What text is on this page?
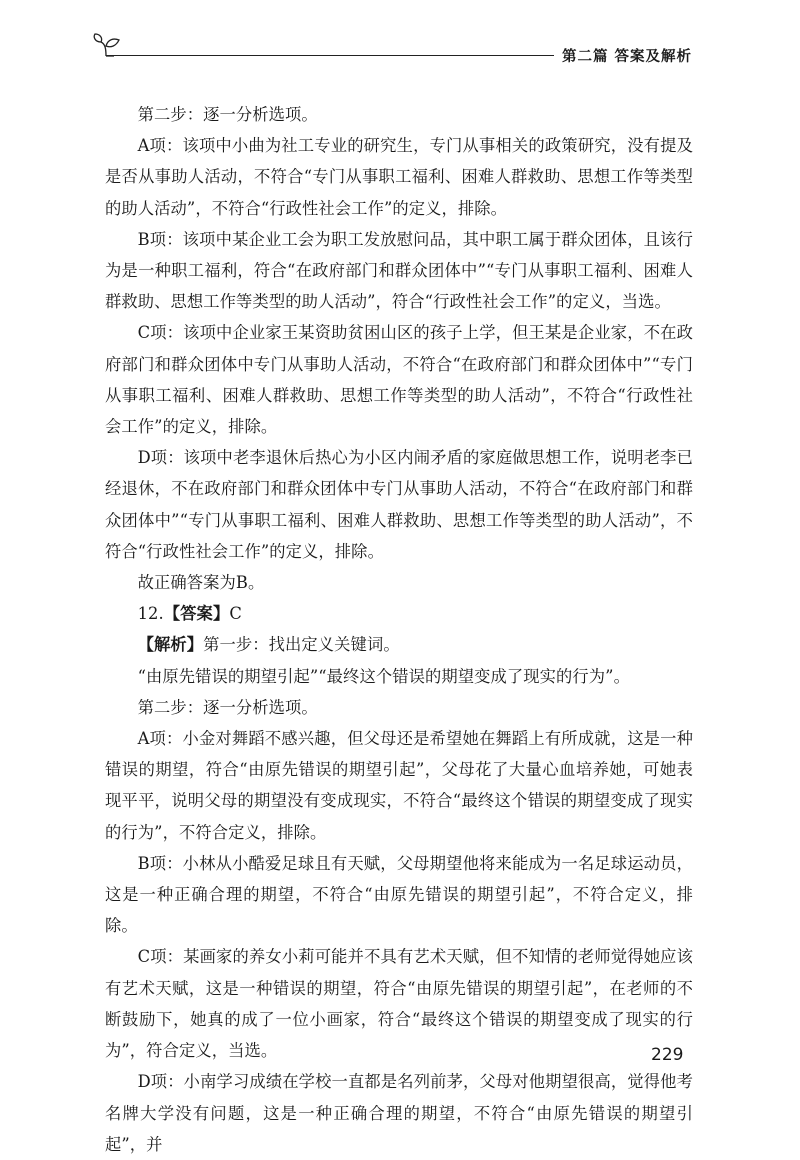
第二篇 答案及解析

第二步：逐一分析选项。

A项：该项中小曲为社工专业的研究生，专门从事相关的政策研究，没有提及是否从事助人活动，不符合“专门从事职工福利、困难人群救助、思想工作等类型的助人活动”，不符合“行政性社会工作”的定义，排除。

B项：该项中某企业工会为职工发放慰问品，其中职工属于群众团体，且该行为是一种职工福利，符合“在政府部门和群众团体中”“专门从事职工福利、困难人群救助、思想工作等类型的助人活动”，符合“行政性社会工作”的定义，当选。

C项：该项中企业家王某资助贫困山区的孩子上学，但王某是企业家，不在政府部门和群众团体中专门从事助人活动，不符合“在政府部门和群众团体中”“专门从事职工福利、困难人群救助、思想工作等类型的助人活动”，不符合“行政性社会工作”的定义，排除。

D项：该项中老李退休后热心为小区内闹矛盾的家庭做思想工作，说明老李已经退休，不在政府部门和群众团体中专门从事助人活动，不符合“在政府部门和群众团体中”“专门从事职工福利、困难人群救助、思想工作等类型的助人活动”，不符合“行政性社会工作”的定义，排除。

故正确答案为B。

12.【答案】C

【解析】第一步：找出定义关键词。

“由原先错误的期望引起”“最终这个错误的期望变成了现实的行为”。

第二步：逐一分析选项。

A项：小金对舞蹈不感兴趣，但父母还是希望她在舞蹈上有所成就，这是一种错误的期望，符合“由原先错误的期望引起”，父母花了大量心血培养她，可她表现平平，说明父母的期望没有变成现实，不符合“最终这个错误的期望变成了现实的行为”，不符合定义，排除。

B项：小林从小酷爱足球且有天赋，父母期望他将来能成为一名足球运动员，这是一种正确合理的期望，不符合“由原先错误的期望引起”，不符合定义，排除。

C项：某画家的养女小莉可能并不具有艺术天赋，但不知情的老师觉得她应该有艺术天赋，这是一种错误的期望，符合“由原先错误的期望引起”，在老师的不断鼓励下，她真的成了一位小画家，符合“最终这个错误的期望变成了现实的行为”，符合定义，当选。

D项：小南学习成绩在学校一直都是名列前茅，父母对他期望很高，觉得他考名牌大学没有问题，这是一种正确合理的期望，不符合“由原先错误的期望引起”，并

229
